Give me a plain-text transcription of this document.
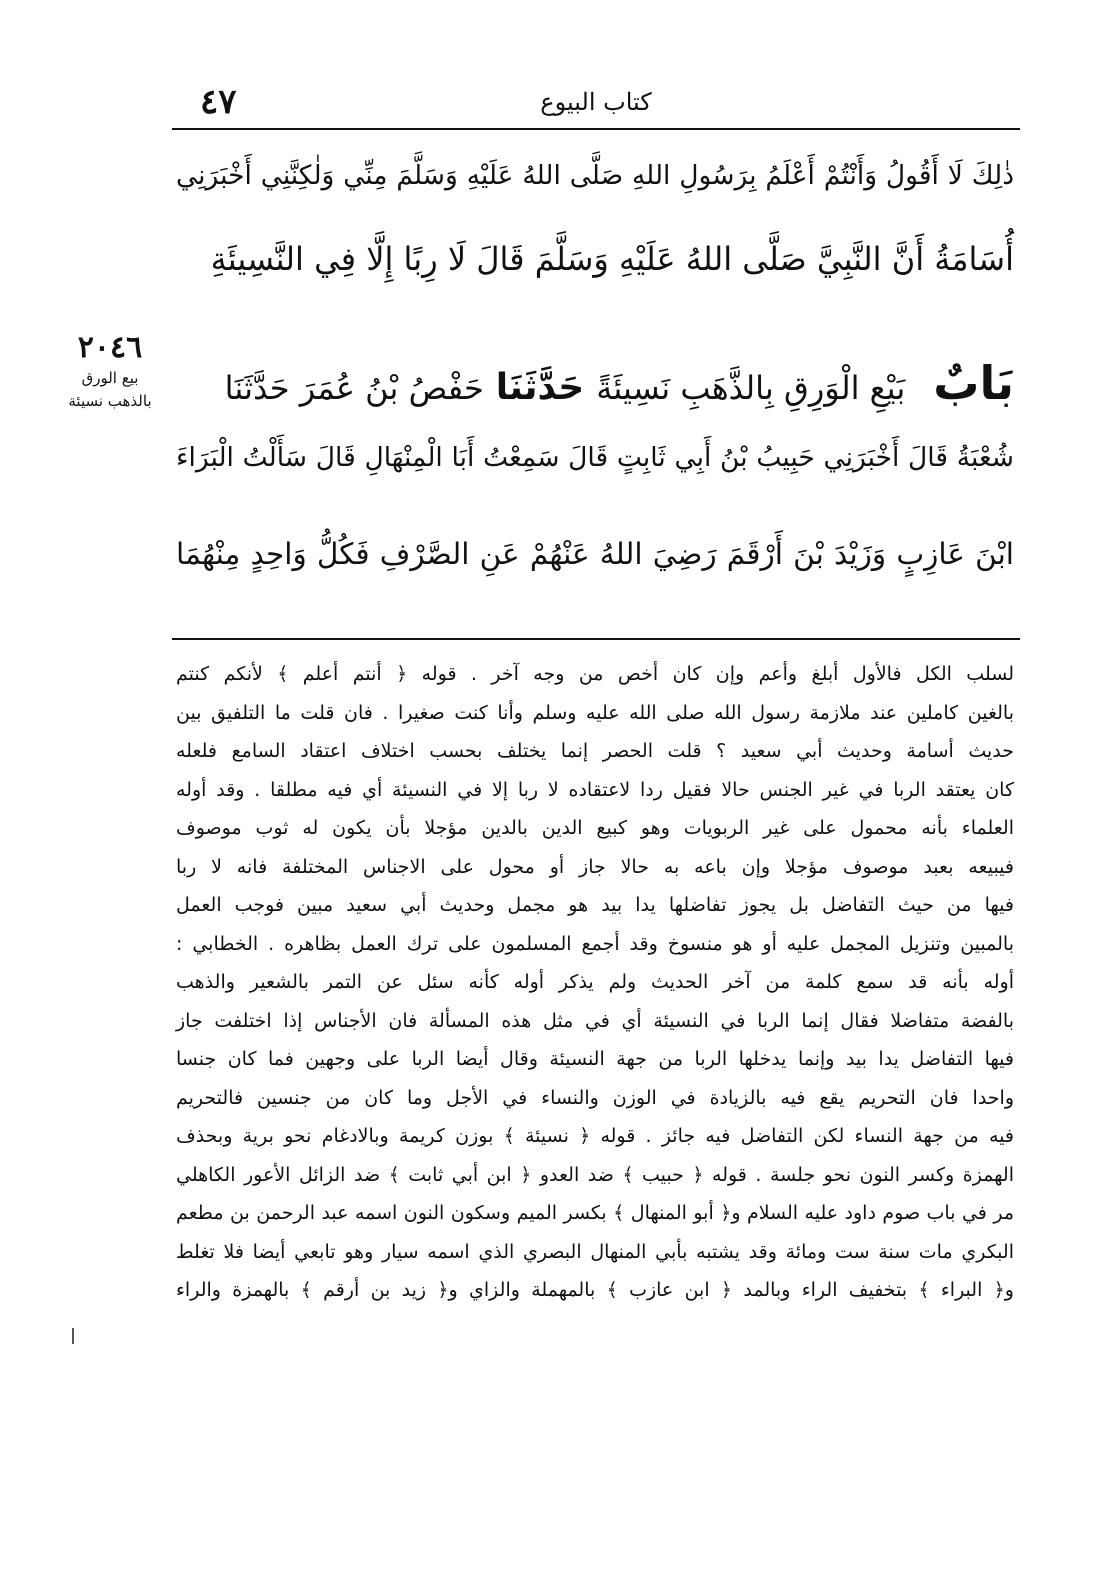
٤٧	كتاب البيوع
ذٰلِكَ لَا أَقُولُ وَأَنْتُمْ أَعْلَمُ بِرَسُولِ اللهِ صَلَّى اللهُ عَلَيْهِ وَسَلَّمَ مِنِّي وَلٰكِنَّنِي أَخْبَرَنِي
أُسَامَةُ أَنَّ النَّبِيَّ صَلَّى اللهُ عَلَيْهِ وَسَلَّمَ قَالَ لَا رِبًا إِلَّا فِي النَّسِيئَةِ
بَابٌ
بَيْعِ الْوَرِقِ بِالذَّهَبِ نَسِيئَةً
حَدَّثَنَا
حَفْصُ بْنُ عُمَرَ حَدَّثَنَا
شُعْبَةُ قَالَ أَخْبَرَنِي حَبِيبُ بْنُ أَبِي ثَابِتٍ قَالَ سَمِعْتُ أَبَا الْمِنْهَالِ قَالَ سَأَلْتُ الْبَرَاءَ
ابْنَ عَازِبٍ وَزَيْدَ بْنَ أَرْقَمَ رَضِيَ اللهُ عَنْهُمْ عَنِ الصَّرْفِ فَكُلُّ وَاحِدٍ مِنْهُمَا
٢٠٤٦
بيع الورق
بالذهب نسيئة
لسلب الكل فالأول أبلغ وأعم وإن كان أخص من وجه آخر . قوله ﴿ أنتم أعلم ﴾ لأنكم كنتم
بالغين كاملين عند ملازمة رسول الله صلى الله عليه وسلم وأنا كنت صغيرا . فان قلت ما التلفيق بين
حديث أسامة وحديث أبي سعيد ؟ قلت الحصر إنما يختلف بحسب اختلاف اعتقاد السامع فلعله
كان يعتقد الربا في غير الجنس حالا فقيل ردا لاعتقاده لا ربا إلا في النسيئة أي فيه مطلقا . وقد أوله
العلماء بأنه محمول على غير الربويات وهو كبيع الدين بالدين مؤجلا بأن يكون له ثوب موصوف
فيبيعه بعبد موصوف مؤجلا وإن باعه به حالا جاز أو محول على الاجناس المختلفة فانه لا ربا
فيها من حيث التفاضل بل يجوز تفاضلها يدا بيد هو مجمل وحديث أبي سعيد مبين فوجب العمل
بالمبين وتنزيل المجمل عليه أو هو منسوخ وقد أجمع المسلمون على ترك العمل بظاهره . الخطابي :
أوله بأنه قد سمع كلمة من آخر الحديث ولم يذكر أوله كأنه سئل عن التمر بالشعير والذهب
بالفضة متفاضلا فقال إنما الربا في النسيئة أي في مثل هذه المسألة فان الأجناس إذا اختلفت جاز
فيها التفاضل يدا بيد وإنما يدخلها الربا من جهة النسيئة وقال أيضا الربا على وجهين فما كان جنسا
واحدا فان التحريم يقع فيه بالزيادة في الوزن والنساء في الأجل وما كان من جنسين فالتحريم
فيه من جهة النساء لكن التفاضل فيه جائز . قوله ﴿ نسيئة ﴾ بوزن كريمة وبالادغام نحو برية وبحذف
الهمزة وكسر النون نحو جلسة . قوله ﴿ حبيب ﴾ ضد العدو ﴿ ابن أبي ثابت ﴾ ضد الزائل الأعور الكاهلي
مر في باب صوم داود عليه السلام و﴿ أبو المنهال ﴾ بكسر الميم وسكون النون اسمه عبد الرحمن بن مطعم
البكري مات سنة ست ومائة وقد يشتبه بأبي المنهال البصري الذي اسمه سيار وهو تابعي أيضا فلا تغلط
و﴿ البراء ﴾ بتخفيف الراء وبالمد ﴿ ابن عازب ﴾ بالمهملة والزاي و﴿ زيد بن أرقم ﴾ بالهمزة والراء
